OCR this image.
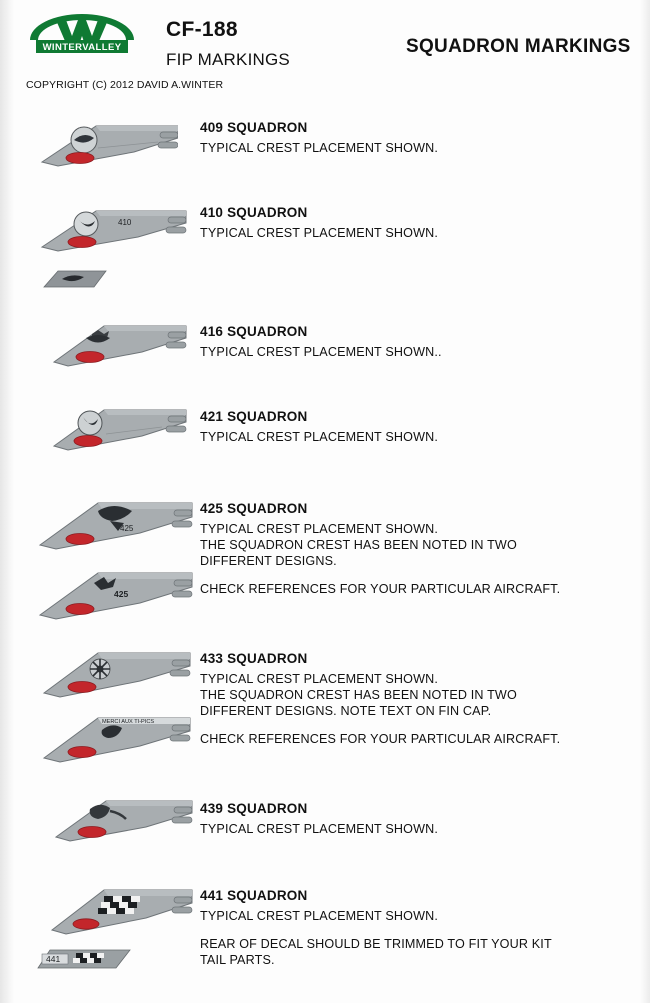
WINTERVALLEY
COPYRIGHT (C) 2012 DAVID A.WINTER
CF-188
FIP MARKINGS
SQUADRON MARKINGS
409 SQUADRON
TYPICAL CREST PLACEMENT SHOWN.
410
410 SQUADRON
TYPICAL CREST PLACEMENT SHOWN.
416 SQUADRON
TYPICAL CREST PLACEMENT SHOWN..
421 SQUADRON
TYPICAL CREST PLACEMENT SHOWN.
425
425
425 SQUADRON
TYPICAL CREST PLACEMENT SHOWN.
THE SQUADRON CREST HAS BEEN NOTED IN TWO
DIFFERENT DESIGNS.
CHECK REFERENCES FOR YOUR PARTICULAR AIRCRAFT.
MERCI AUX TI-PICS
433 SQUADRON
TYPICAL CREST PLACEMENT SHOWN.
THE SQUADRON CREST HAS BEEN NOTED IN TWO
DIFFERENT DESIGNS. NOTE TEXT ON FIN CAP.
CHECK REFERENCES FOR YOUR PARTICULAR AIRCRAFT.
439 SQUADRON
TYPICAL CREST PLACEMENT SHOWN.
441
441 SQUADRON
TYPICAL CREST PLACEMENT SHOWN.
REAR OF DECAL SHOULD BE TRIMMED TO FIT YOUR KIT
TAIL PARTS.
